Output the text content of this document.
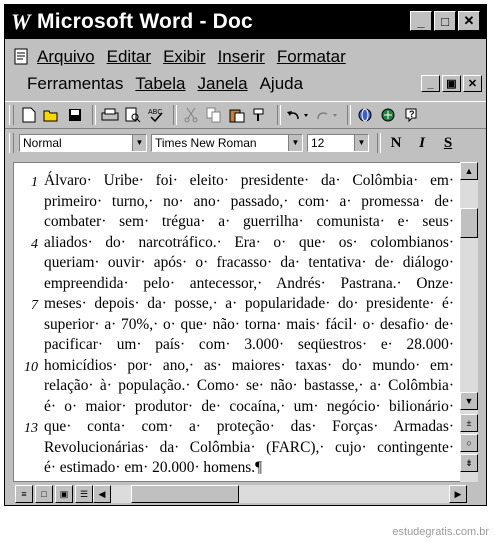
W Microsoft Word - Doc	_	□	✕
Arquivo Editar Exibir Inserir Formatar
Ferramentas Tabela Janela Ajuda	_	▣	✕
ABC	?
Normal	▼ Times New Roman	▼ 12	▼	N	I	S
1 Álvaro· Uribe· foi· eleito· presidente· da· Colômbia· em·
primeiro· turno,· no· ano· passado,· com· a· promessa· de·
combater· sem· trégua· a· guerrilha· comunista· e· seus·
4 aliados· do· narcotráfico.· Era· o· que· os· colombianos·
queriam· ouvir· após· o· fracasso· da· tentativa· de· diálogo·
empreendida· pelo· antecessor,· Andrés· Pastrana.· Onze·
7 meses· depois· da· posse,· a· popularidade· do· presidente· é·
superior· a· 70%,· o· que· não· torna· mais· fácil· o· desafio· de·
pacificar· um· país· com· 3.000· seqüestros· e· 28.000·
10 homicídios· por· ano,· as· maiores· taxas· do· mundo· em·
relação· à· população.· Como· se· não· bastasse,· a· Colômbia·
é· o· maior· produtor· de· cocaína,· um· negócio· bilionário·
13 que· conta· com· a· proteção· das· Forças· Armadas·
Revolucionárias· da· Colômbia· (FARC),· cujo· contingente·
é· estimado· em· 20.000· homens.¶
▲
▼
±
○
⇟
≡	□	▣	☰	◀	▶
estudegratis.com.br
